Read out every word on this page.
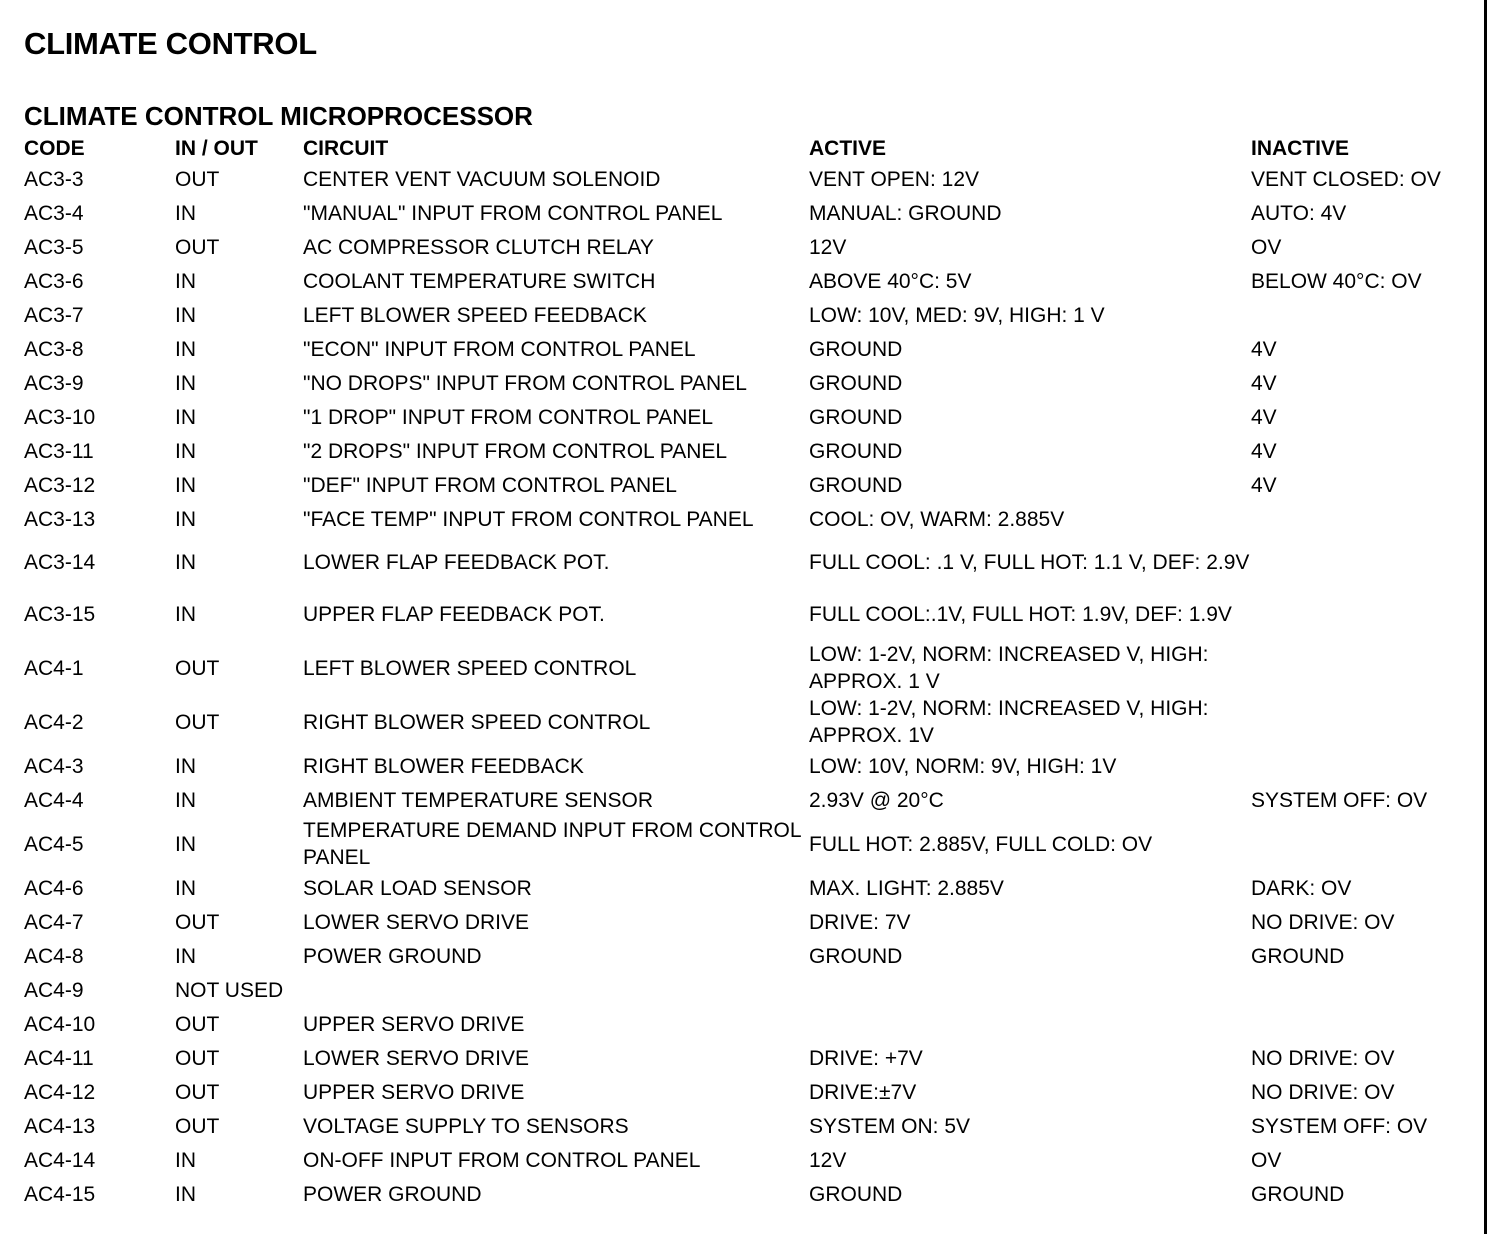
CLIMATE CONTROL
CLIMATE CONTROL MICROPROCESSOR
CODE	IN / OUT	CIRCUIT	ACTIVE	INACTIVE
AC3-3	OUT	CENTER VENT VACUUM SOLENOID	VENT OPEN: 12V	VENT CLOSED: OV
AC3-4	IN	"MANUAL" INPUT FROM CONTROL PANEL	MANUAL: GROUND	AUTO: 4V
AC3-5	OUT	AC COMPRESSOR CLUTCH RELAY	12V	OV
AC3-6	IN	COOLANT TEMPERATURE SWITCH	ABOVE 40°C: 5V	BELOW 40°C: OV
AC3-7	IN	LEFT BLOWER SPEED FEEDBACK	LOW: 10V, MED: 9V, HIGH: 1 V	
AC3-8	IN	"ECON" INPUT FROM CONTROL PANEL	GROUND	4V
AC3-9	IN	"NO DROPS" INPUT FROM CONTROL PANEL	GROUND	4V
AC3-10	IN	"1 DROP" INPUT FROM CONTROL PANEL	GROUND	4V
AC3-11	IN	"2 DROPS" INPUT FROM CONTROL PANEL	GROUND	4V
AC3-12	IN	"DEF" INPUT FROM CONTROL PANEL	GROUND	4V
AC3-13	IN	"FACE TEMP" INPUT FROM CONTROL PANEL	COOL: OV, WARM: 2.885V	
AC3-14	IN	LOWER FLAP FEEDBACK POT.	FULL COOL: .1 V, FULL HOT: 1.1 V, DEF: 2.9V	
AC3-15	IN	UPPER FLAP FEEDBACK POT.	FULL COOL:.1V, FULL HOT: 1.9V, DEF: 1.9V	
AC4-1	OUT	LEFT BLOWER SPEED CONTROL	LOW: 1-2V, NORM: INCREASED V, HIGH: APPROX. 1 V	
AC4-2	OUT	RIGHT BLOWER SPEED CONTROL	LOW: 1-2V, NORM: INCREASED V, HIGH: APPROX. 1V	
AC4-3	IN	RIGHT BLOWER FEEDBACK	LOW: 10V, NORM: 9V, HIGH: 1V	
AC4-4	IN	AMBIENT TEMPERATURE SENSOR	2.93V @ 20°C	SYSTEM OFF: OV
AC4-5	IN	TEMPERATURE DEMAND INPUT FROM CONTROL PANEL	FULL HOT: 2.885V, FULL COLD: OV	
AC4-6	IN	SOLAR LOAD SENSOR	MAX. LIGHT: 2.885V	DARK: OV
AC4-7	OUT	LOWER SERVO DRIVE	DRIVE: 7V	NO DRIVE: OV
AC4-8	IN	POWER GROUND	GROUND	GROUND
AC4-9	NOT USED			
AC4-10	OUT	UPPER SERVO DRIVE		
AC4-11	OUT	LOWER SERVO DRIVE	DRIVE: +7V	NO DRIVE: OV
AC4-12	OUT	UPPER SERVO DRIVE	DRIVE:±7V	NO DRIVE: OV
AC4-13	OUT	VOLTAGE SUPPLY TO SENSORS	SYSTEM ON: 5V	SYSTEM OFF: OV
AC4-14	IN	ON-OFF INPUT FROM CONTROL PANEL	12V	OV
AC4-15	IN	POWER GROUND	GROUND	GROUND
